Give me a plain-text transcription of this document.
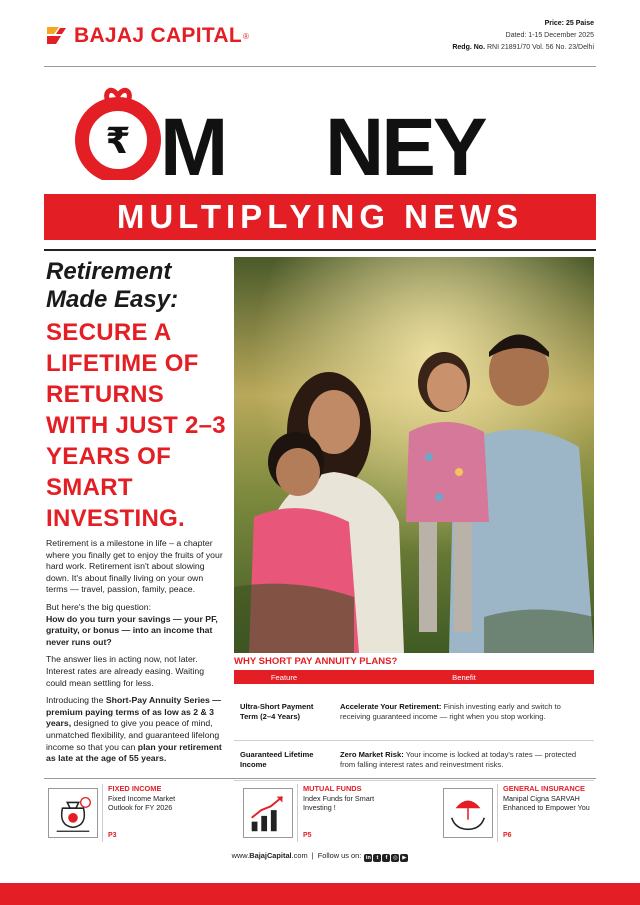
BAJAJ CAPITAL ®
Price: 25 Paise
Dated: 1-15 December 2025
Redg. No. RNI 21891/70 Vol. 56 No. 23/Delhi
M NEY
₹
MULTIPLYING NEWS
Retirement Made Easy:
SECURE A LIFETIME OF RETURNS WITH JUST 2–3 YEARS OF SMART INVESTING.

Retirement is a milestone in life – a chapter where you finally get to enjoy the fruits of your hard work. Retirement isn't about slowing down. It's about finally living on your own terms — travel, passion, family, peace.

But here's the big question:
How do you turn your savings — your PF, gratuity, or bonus — into an income that never runs out?

The answer lies in acting now, not later. Interest rates are already easing. Waiting could mean settling for less.

Introducing the Short-Pay Annuity Series — premium paying terms of as low as 2 & 3 years, designed to give you peace of mind, unmatched flexibility, and guaranteed lifelong income so that you can plan your retirement as late at the age of 55 years.

WHY SHORT PAY ANNUITY PLANS?
Feature	Benefit
Ultra-Short Payment Term (2–4 Years)	Accelerate Your Retirement: Finish investing early and switch to receiving guaranteed income — right when you stop working.
Guaranteed Lifetime Income	Zero Market Risk: Your income is locked at today's rates — protected from falling interest rates and reinvestment risks.
FIXED INCOME
Fixed Income Market Outlook for FY 2026
P3
MUTUAL FUNDS
Index Funds for Smart Investing !
P5
GENERAL INSURANCE
Manipal Cigna SARVAH Enhanced to Empower You
P6
www.BajajCapital.com | Follow us on: in t f ◎ ▶
